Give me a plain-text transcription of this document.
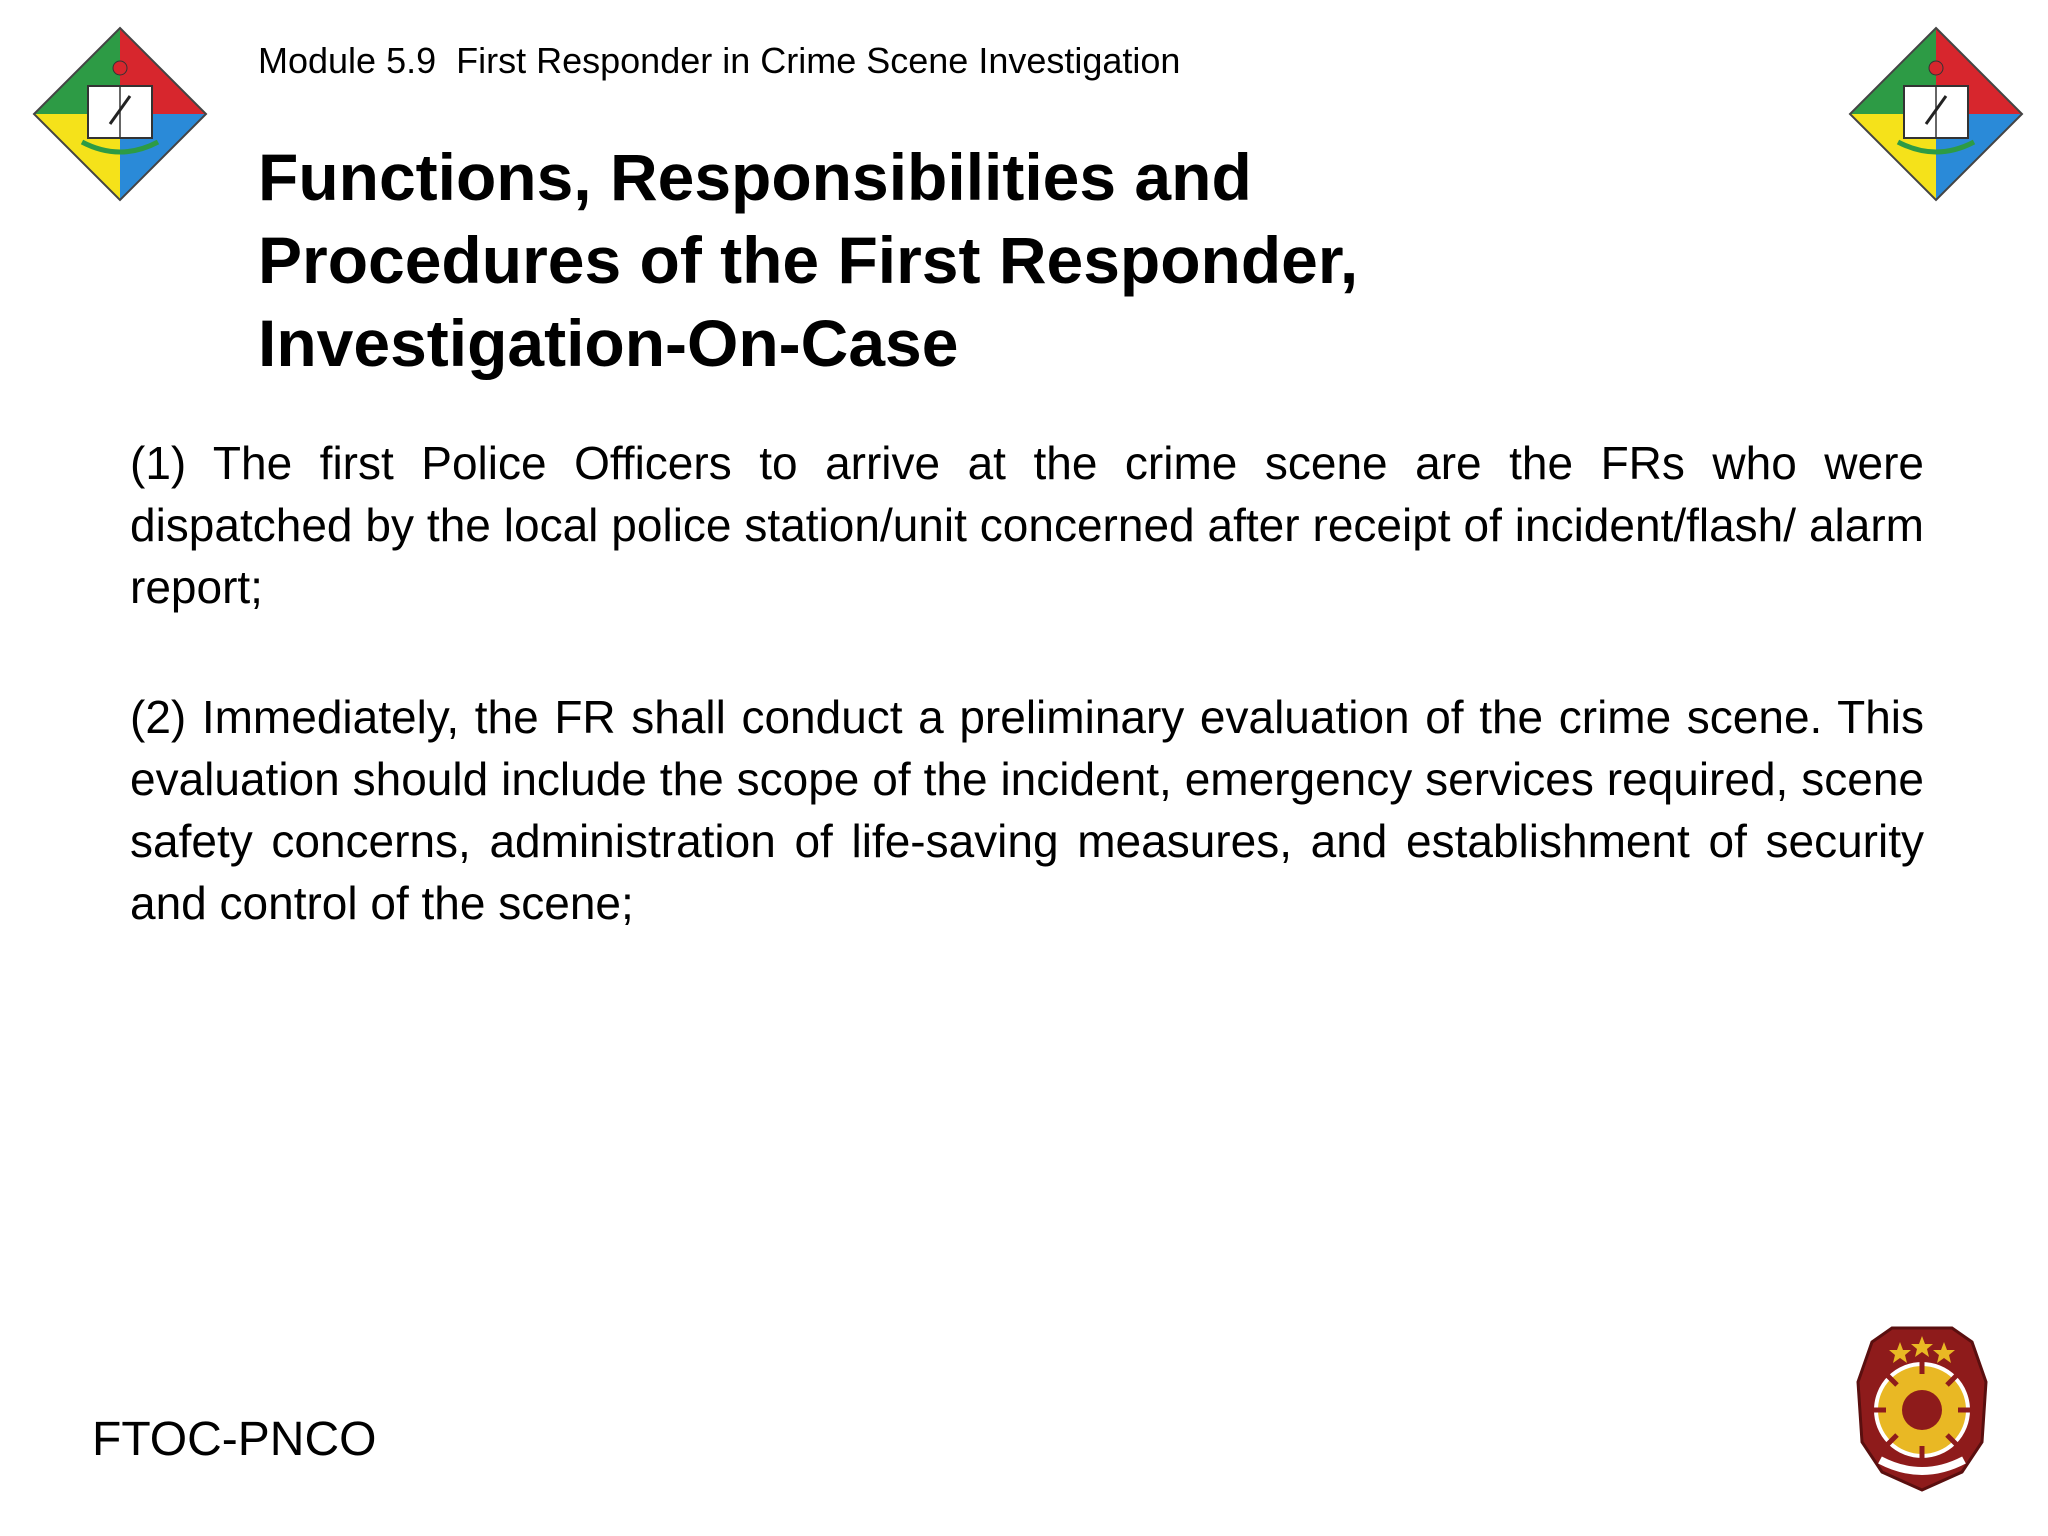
Module 5.9  First Responder in Crime Scene Investigation
Functions, Responsibilities and
Procedures of the First Responder,
Investigation-On-Case

(1) The first Police Officers to arrive at the crime scene are the FRs who were dispatched by the local police station/unit concerned after receipt of incident/flash/ alarm report;

(2) Immediately, the FR shall conduct a preliminary evaluation of the crime scene. This evaluation should include the scope of the incident, emergency services required, scene safety concerns, administration of life-saving measures, and establishment of security and control of the scene;

FTOC-PNCO
